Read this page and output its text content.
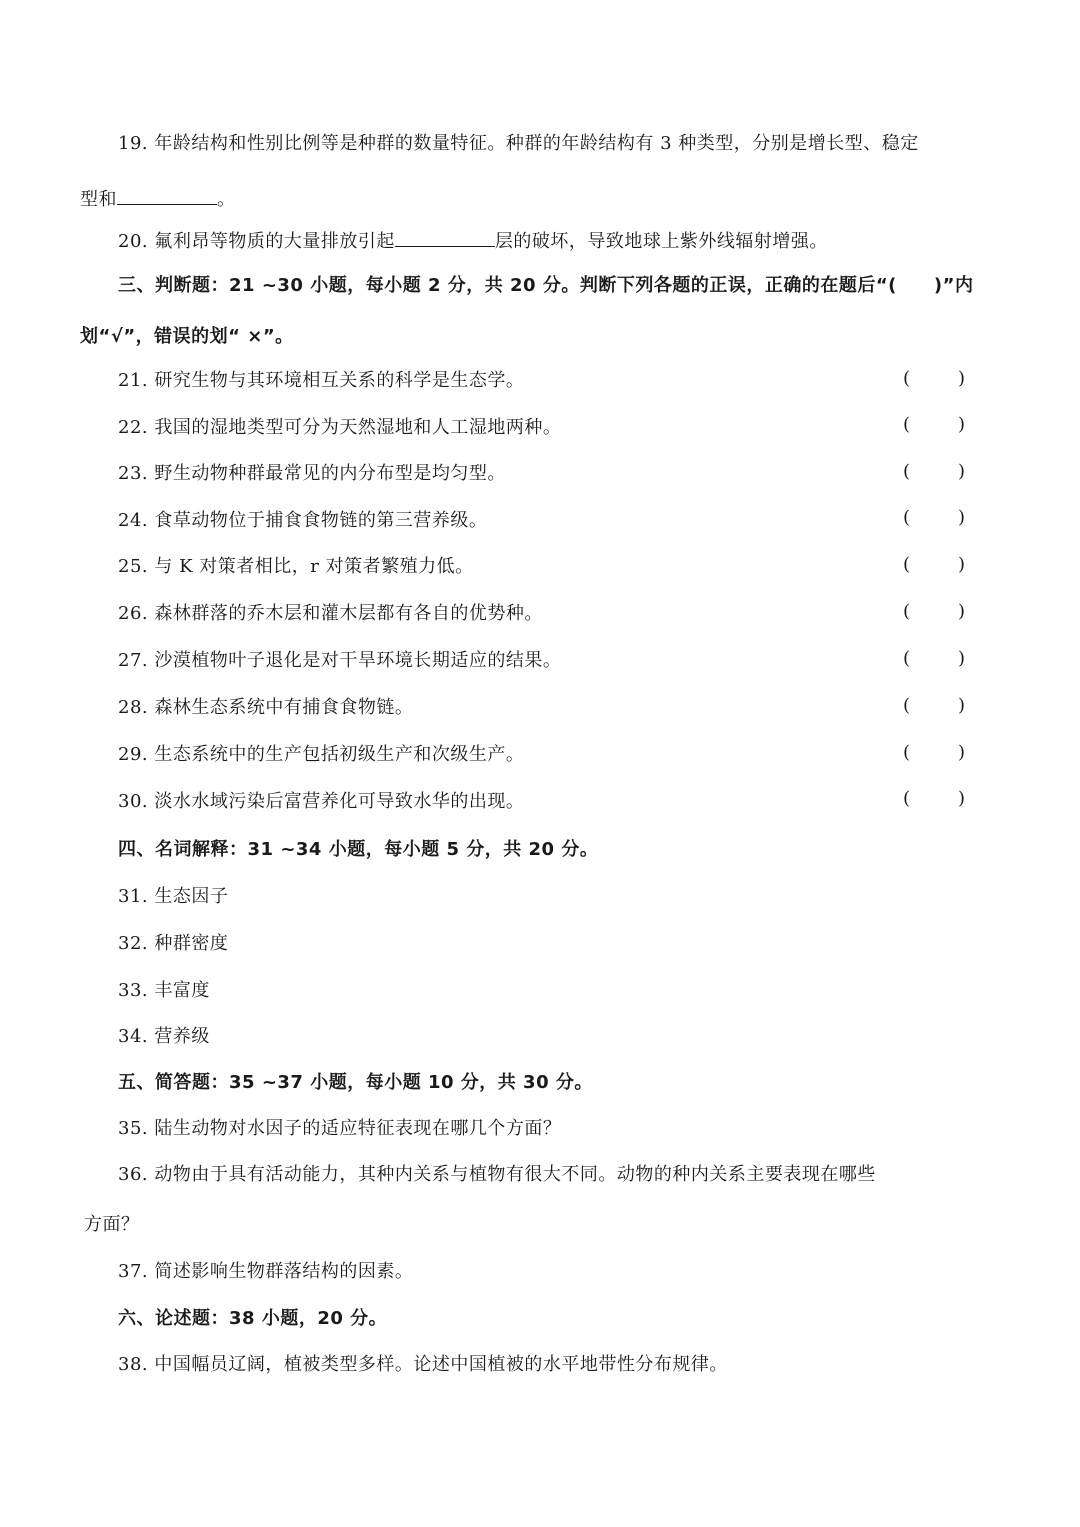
19. 年龄结构和性别比例等是种群的数量特征。种群的年龄结构有 3 种类型，分别是增长型、稳定
型和	。
20. 氟利昂等物质的大量排放引起	层的破坏，导致地球上紫外线辐射增强。
三、判断题：21 ~30 小题，每小题 2 分，共 20 分。判断下列各题的正误，正确的在题后“(　　)”内
划“√”，错误的划“ ×”。
21. 研究生物与其环境相互关系的科学是生态学。	(	)
22. 我国的湿地类型可分为天然湿地和人工湿地两种。	(	)
23. 野生动物种群最常见的内分布型是均匀型。	(	)
24. 食草动物位于捕食食物链的第三营养级。	(	)
25. 与 K 对策者相比，r 对策者繁殖力低。	(	)
26. 森林群落的乔木层和灌木层都有各自的优势种。	(	)
27. 沙漠植物叶子退化是对干旱环境长期适应的结果。	(	)
28. 森林生态系统中有捕食食物链。	(	)
29. 生态系统中的生产包括初级生产和次级生产。	(	)
30. 淡水水域污染后富营养化可导致水华的出现。	(	)
四、名词解释：31 ~34 小题，每小题 5 分，共 20 分。
31. 生态因子
32. 种群密度
33. 丰富度
34. 营养级
五、简答题：35 ~37 小题，每小题 10 分，共 30 分。
35. 陆生动物对水因子的适应特征表现在哪几个方面？
36. 动物由于具有活动能力，其种内关系与植物有很大不同。动物的种内关系主要表现在哪些
方面？
37. 简述影响生物群落结构的因素。
六、论述题：38 小题，20 分。
38. 中国幅员辽阔，植被类型多样。论述中国植被的水平地带性分布规律。
